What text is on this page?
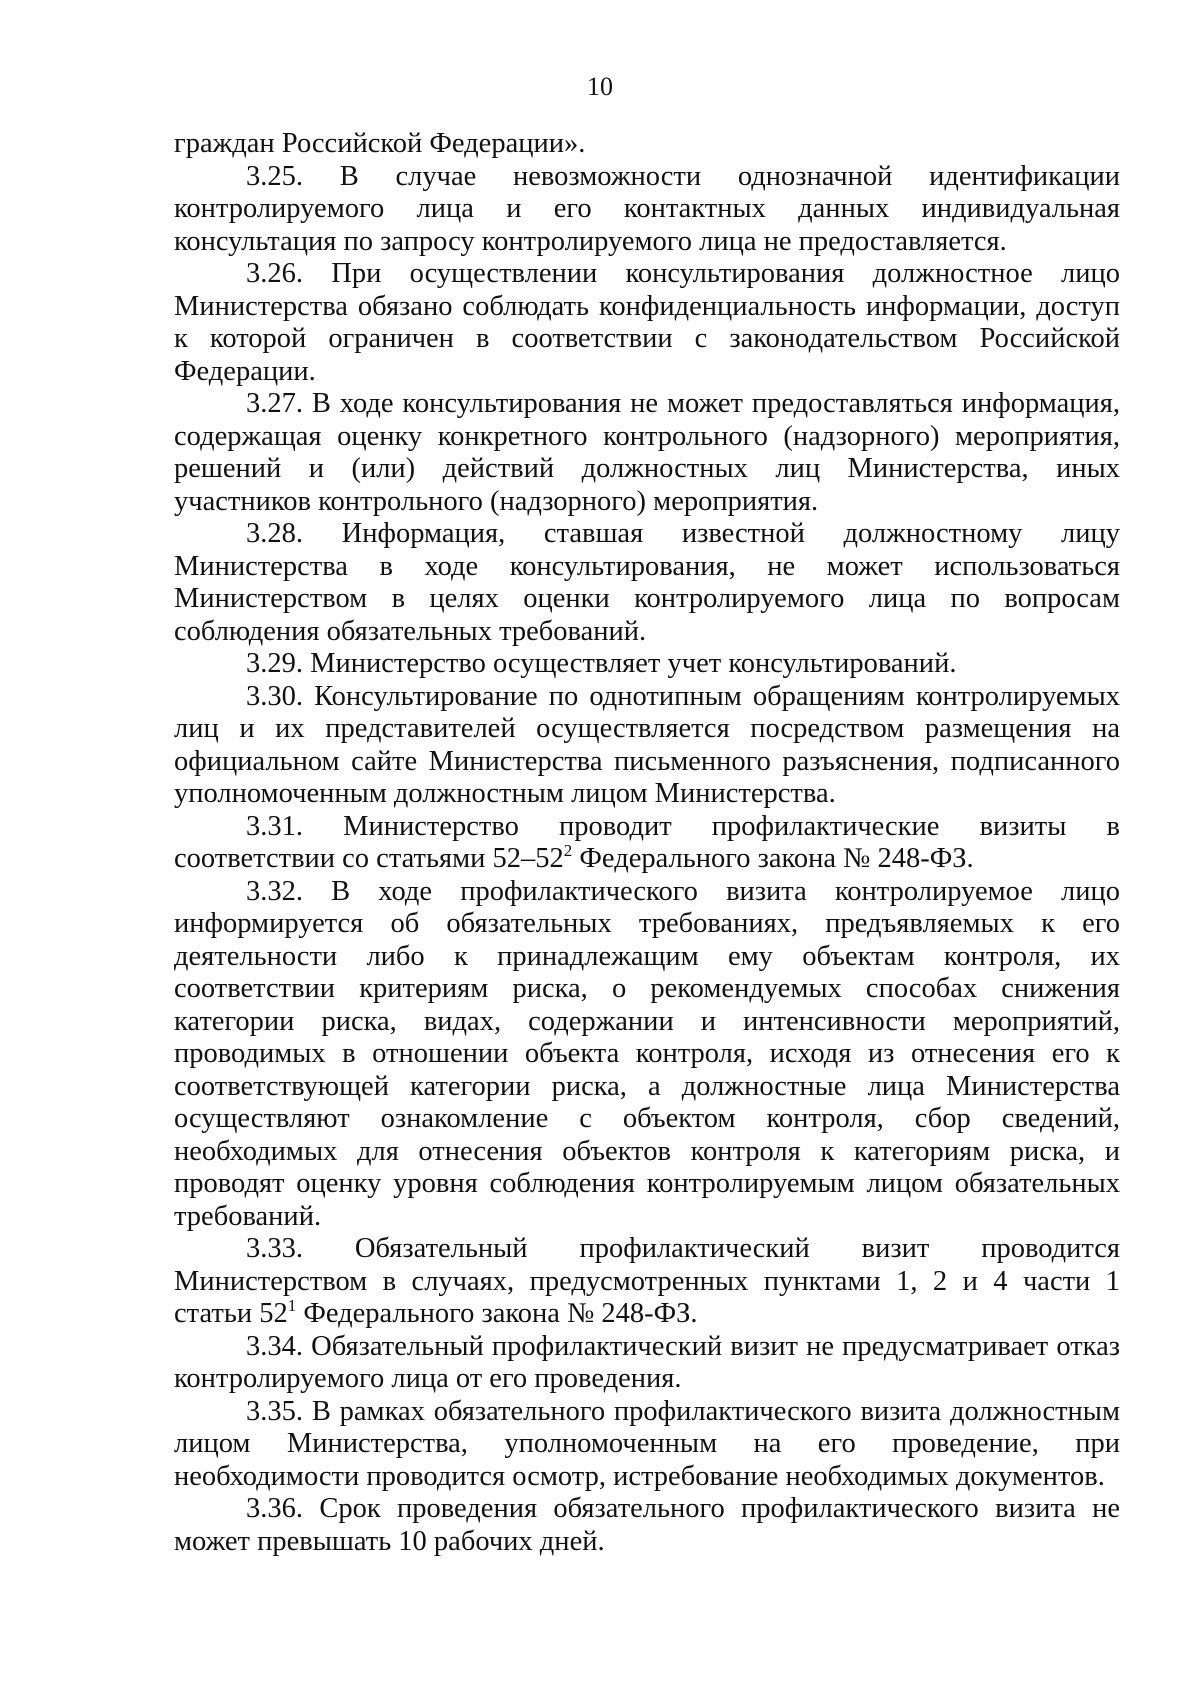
10

граждан Российской Федерации».

3.25. В случае невозможности однозначной идентификации контролируемого лица и его контактных данных индивидуальная консультация по запросу контролируемого лица не предоставляется.

3.26. При осуществлении консультирования должностное лицо Министерства обязано соблюдать конфиденциальность информации, доступ к которой ограничен в соответствии с законодательством Российской Федерации.

3.27. В ходе консультирования не может предоставляться информация, содержащая оценку конкретного контрольного (надзорного) мероприятия, решений и (или) действий должностных лиц Министерства, иных участников контрольного (надзорного) мероприятия.

3.28. Информация, ставшая известной должностному лицу Министерства в ходе консультирования, не может использоваться Министерством в целях оценки контролируемого лица по вопросам соблюдения обязательных требований.

3.29. Министерство осуществляет учет консультирований.

3.30. Консультирование по однотипным обращениям контролируемых лиц и их представителей осуществляется посредством размещения на официальном сайте Министерства письменного разъяснения, подписанного уполномоченным должностным лицом Министерства.

3.31. Министерство проводит профилактические визиты в соответствии со статьями $52-52^2$ Федерального закона № 248-ФЗ.

3.32. В ходе профилактического визита контролируемое лицо информируется об обязательных требованиях, предъявляемых к его деятельности либо к принадлежащим ему объектам контроля, их соответствии критериям риска, о рекомендуемых способах снижения категории риска, видах, содержании и интенсивности мероприятий, проводимых в отношении объекта контроля, исходя из отнесения его к соответствующей категории риска, а должностные лица Министерства осуществляют ознакомление с объектом контроля, сбор сведений, необходимых для отнесения объектов контроля к категориям риска, и проводят оценку уровня соблюдения контролируемым лицом обязательных требований.

3.33. Обязательный профилактический визит проводится Министерством в случаях, предусмотренных пунктами 1, 2 и 4 части 1 статьи $52^1$ Федерального закона № 248-ФЗ.

3.34. Обязательный профилактический визит не предусматривает отказ контролируемого лица от его проведения.

3.35. В рамках обязательного профилактического визита должностным лицом Министерства, уполномоченным на его проведение, при необходимости проводится осмотр, истребование необходимых документов.

3.36. Срок проведения обязательного профилактического визита не может превышать 10 рабочих дней.
